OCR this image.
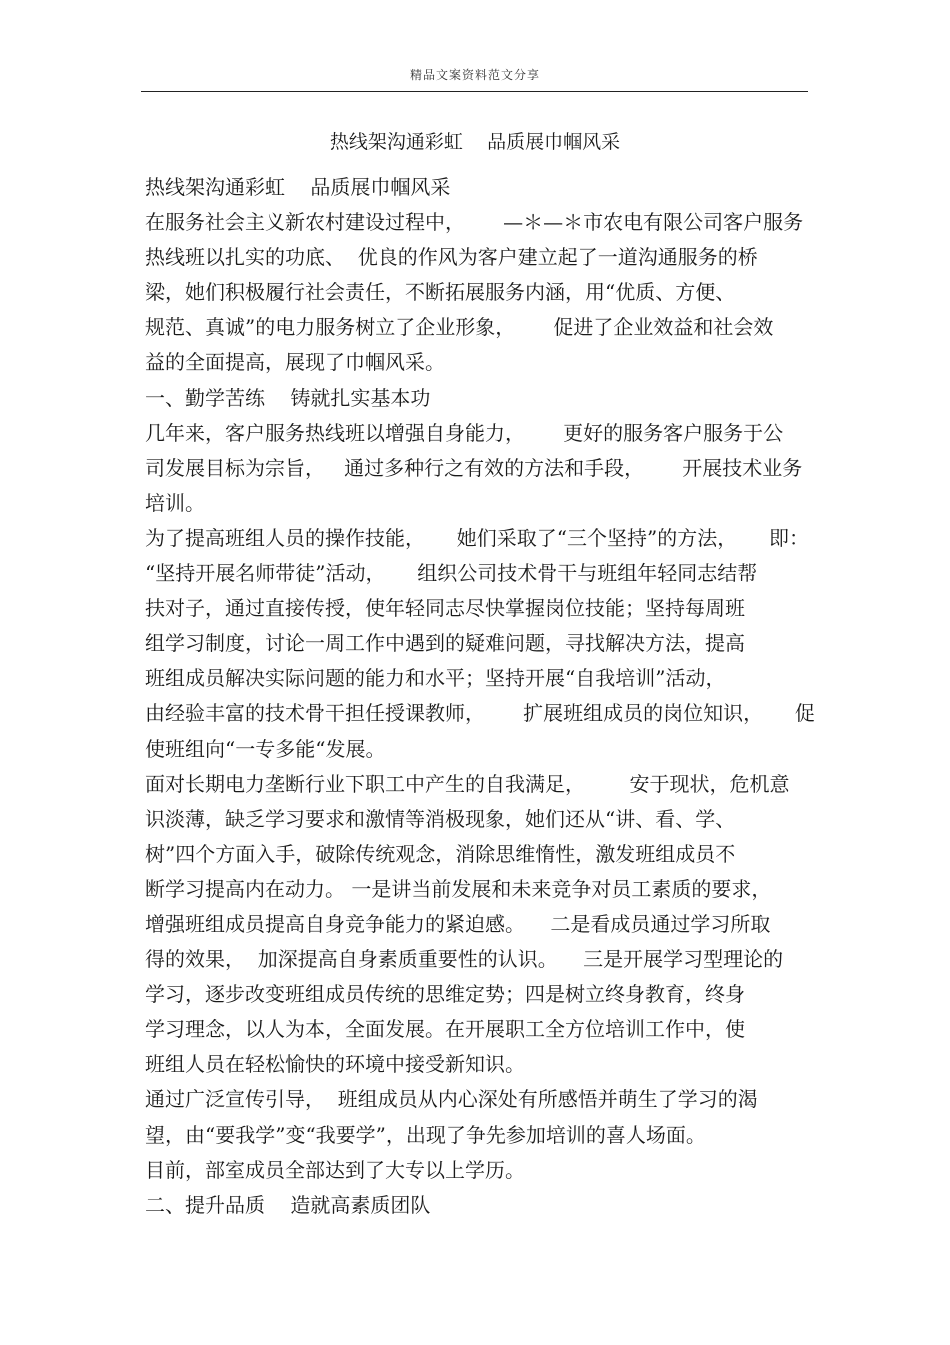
精品文案资料范文分享
热线架沟通彩虹    品质展巾帼风采
热线架沟通彩虹    品质展巾帼风采
在服务社会主义新农村建设过程中，      —＊—＊市农电有限公司客户服务
热线班以扎实的功底、  优良的作风为客户建立起了一道沟通服务的桥
梁，她们积极履行社会责任，不断拓展服务内涵，用“优质、方便、
规范、真诚”的电力服务树立了企业形象，      促进了企业效益和社会效
益的全面提高，展现了巾帼风采。
一、勤学苦练    铸就扎实基本功
几年来，客户服务热线班以增强自身能力，      更好的服务客户服务于公
司发展目标为宗旨，   通过多种行之有效的方法和手段，      开展技术业务
培训。
为了提高班组人员的操作技能，     她们采取了“三个坚持”的方法，     即：
“坚持开展名师带徒”活动，     组织公司技术骨干与班组年轻同志结帮
扶对子，通过直接传授，使年轻同志尽快掌握岗位技能；坚持每周班
组学习制度，讨论一周工作中遇到的疑难问题，寻找解决方法，提高
班组成员解决实际问题的能力和水平；坚持开展“自我培训”活动，
由经验丰富的技术骨干担任授课教师，      扩展班组成员的岗位知识，     促
使班组向“一专多能“发展。
面对长期电力垄断行业下职工中产生的自我满足，       安于现状，危机意
识淡薄，缺乏学习要求和激情等消极现象，她们还从“讲、看、学、
树”四个方面入手，破除传统观念，消除思维惰性，激发班组成员不
断学习提高内在动力。 一是讲当前发展和未来竞争对员工素质的要求，
增强班组成员提高自身竞争能力的紧迫感。    二是看成员通过学习所取
得的效果，  加深提高自身素质重要性的认识。    三是开展学习型理论的
学习，逐步改变班组成员传统的思维定势；四是树立终身教育，终身
学习理念，以人为本，全面发展。在开展职工全方位培训工作中，使
班组人员在轻松愉快的环境中接受新知识。
通过广泛宣传引导，  班组成员从内心深处有所感悟并萌生了学习的渴
望，由“要我学”变“我要学”，出现了争先参加培训的喜人场面。
目前，部室成员全部达到了大专以上学历。
二、提升品质    造就高素质团队
